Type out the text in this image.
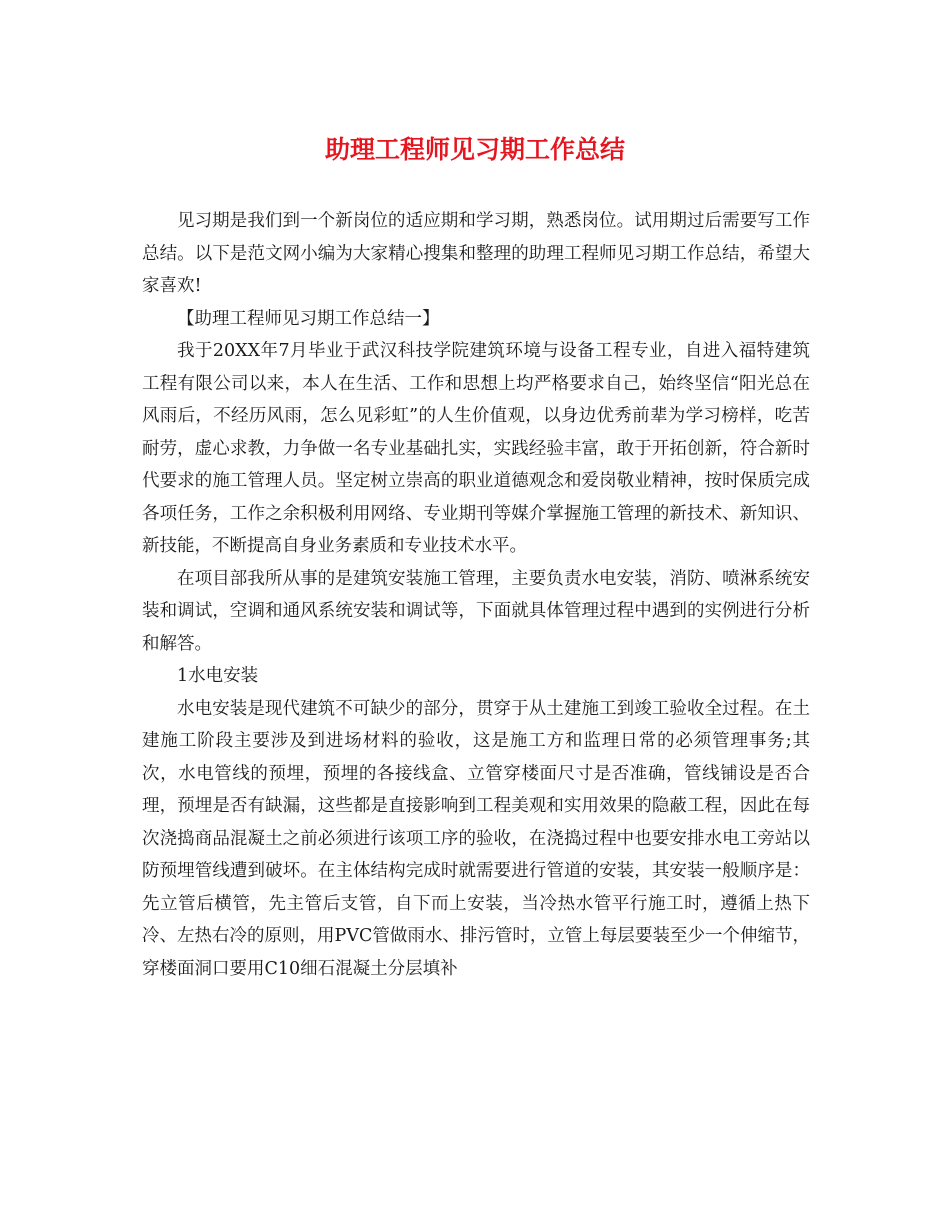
助理工程师见习期工作总结

见习期是我们到一个新岗位的适应期和学习期，熟悉岗位。试用期过后需要写工作总结。以下是范文网小编为大家精心搜集和整理的助理工程师见习期工作总结，希望大家喜欢!

【助理工程师见习期工作总结一】

我于20XX年7月毕业于武汉科技学院建筑环境与设备工程专业，自进入福特建筑工程有限公司以来，本人在生活、工作和思想上均严格要求自己，始终坚信“阳光总在风雨后，不经历风雨，怎么见彩虹”的人生价值观，以身边优秀前辈为学习榜样，吃苦耐劳，虚心求教，力争做一名专业基础扎实，实践经验丰富，敢于开拓创新，符合新时代要求的施工管理人员。坚定树立崇高的职业道德观念和爱岗敬业精神，按时保质完成各项任务，工作之余积极利用网络、专业期刊等媒介掌握施工管理的新技术、新知识、新技能，不断提高自身业务素质和专业技术水平。

在项目部我所从事的是建筑安装施工管理，主要负责水电安装，消防、喷淋系统安装和调试，空调和通风系统安装和调试等，下面就具体管理过程中遇到的实例进行分析和解答。

1水电安装

水电安装是现代建筑不可缺少的部分，贯穿于从土建施工到竣工验收全过程。在土建施工阶段主要涉及到进场材料的验收，这是施工方和监理日常的必须管理事务;其次，水电管线的预埋，预埋的各接线盒、立管穿楼面尺寸是否准确，管线铺设是否合理，预埋是否有缺漏，这些都是直接影响到工程美观和实用效果的隐蔽工程，因此在每次浇捣商品混凝土之前必须进行该项工序的验收，在浇捣过程中也要安排水电工旁站以防预埋管线遭到破坏。在主体结构完成时就需要进行管道的安装，其安装一般顺序是：先立管后横管，先主管后支管，自下而上安装，当冷热水管平行施工时，遵循上热下冷、左热右冷的原则，用PVC管做雨水、排污管时，立管上每层要装至少一个伸缩节，穿楼面洞口要用C10细石混凝土分层填补
